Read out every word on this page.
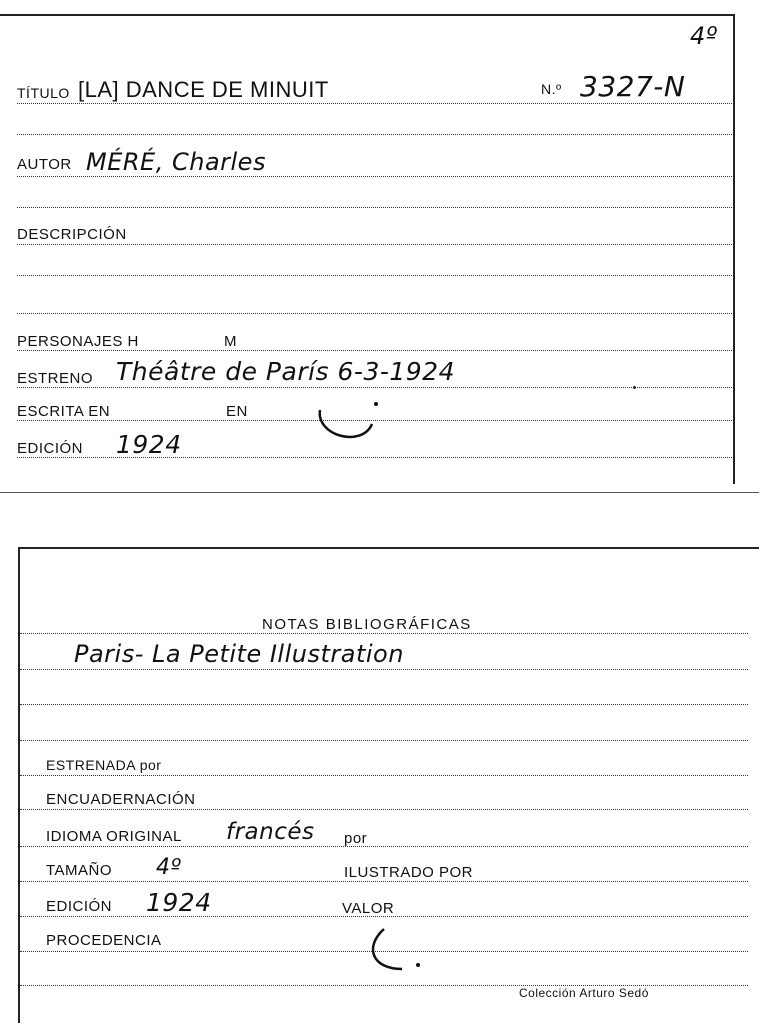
4º
TÍTULO [LA] DANCE DE MINUIT	N.º 3327-N
AUTOR MÉRÉ, Charles
DESCRIPCIÓN
PERSONAJES H	M
ESTRENO Théâtre de París 6-3-1924
ESCRITA EN	EN
EDICIÓN 1924
NOTAS BIBLIOGRÁFICAS
Paris- La Petite Illustration
ESTRENADA por
ENCUADERNACIÓN
IDIOMA ORIGINAL francés por
TAMAÑO 4º	ILUSTRADO POR
EDICIÓN 1924	VALOR
PROCEDENCIA
Colección Arturo Sedó
